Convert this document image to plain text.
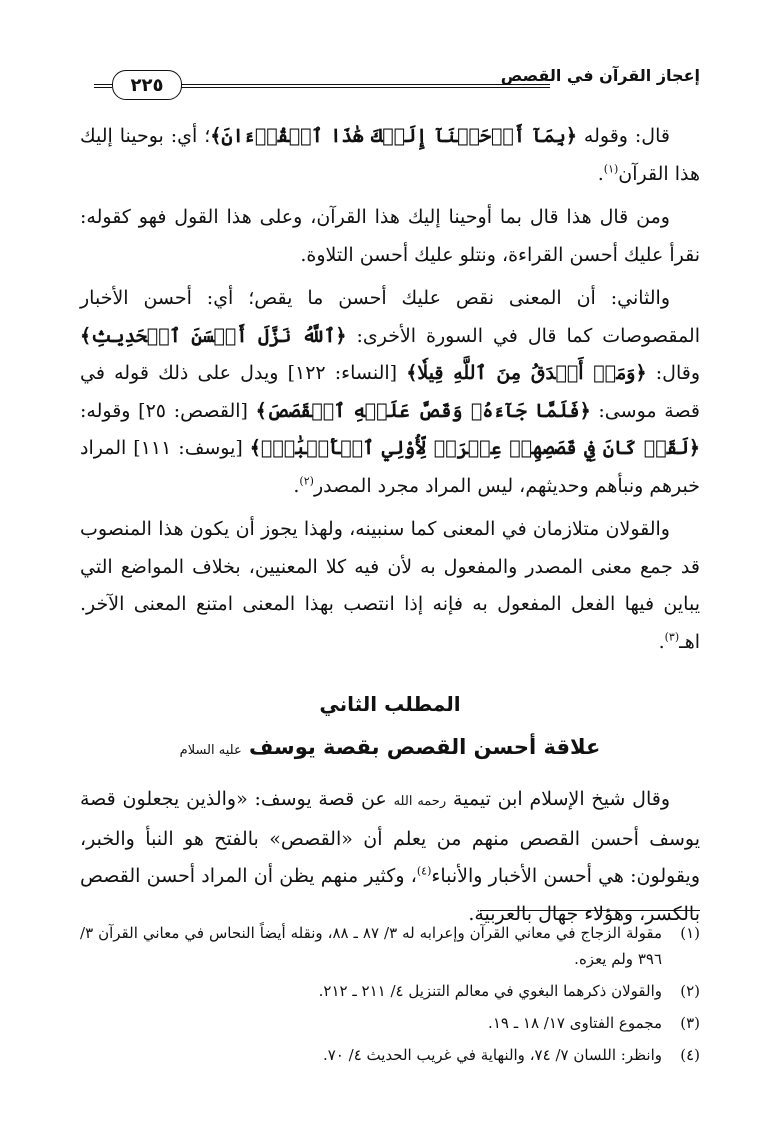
إعجاز القرآن في القصص
٢٢٥

قال: وقوله ﴿بِمَآ أَوۡحَيۡنَآ إِلَيۡكَ هَٰذَا ٱلۡقُرۡءَانَ﴾؛ أي: بوحينا إليك هذا القرآن$^{(١)}$.

ومن قال هذا قال بما أوحينا إليك هذا القرآن، وعلى هذا القول فهو كقوله: نقرأ عليك أحسن القراءة، ونتلو عليك أحسن التلاوة.

والثاني: أن المعنى نقص عليك أحسن ما يقص؛ أي: أحسن الأخبار المقصوصات كما قال في السورة الأخرى: ﴿ٱللَّهُ نَزَّلَ أَحۡسَنَ ٱلۡحَدِيثِ﴾ وقال: ﴿وَمَنۡ أَصۡدَقُ مِنَ ٱللَّهِ قِيلٗا﴾ [النساء: ١٢٢] ويدل على ذلك قوله في قصة موسى: ﴿فَلَمَّا جَآءَهُۥ وَقَصَّ عَلَيۡهِ ٱلۡقَصَصَ﴾ [القصص: ٢٥] وقوله: ﴿لَقَدۡ كَانَ فِي قَصَصِهِمۡ عِبۡرَةٞ لِّأُوْلِي ٱلۡأَلۡبَٰبِۗ﴾ [يوسف: ١١١] المراد خبرهم ونبأهم وحديثهم، ليس المراد مجرد المصدر$^{(٢)}$.

والقولان متلازمان في المعنى كما سنبينه، ولهذا يجوز أن يكون هذا المنصوب قد جمع معنى المصدر والمفعول به لأن فيه كلا المعنيين، بخلاف المواضع التي يباين فيها الفعل المفعول به فإنه إذا انتصب بهذا المعنى امتنع المعنى الآخر. اهـ$^{(٣)}$.

المطلب الثاني
علاقة أحسن القصص بقصة يوسف عليه السلام

وقال شيخ الإسلام ابن تيمية رحمه الله عن قصة يوسف: «والذين يجعلون قصة يوسف أحسن القصص منهم من يعلم أن «القصص» بالفتح هو النبأ والخبر، ويقولون: هي أحسن الأخبار والأنباء$^{(٤)}$، وكثير منهم يظن أن المراد أحسن القصص بالكسر، وهؤلاء جهال بالعربية.

(١)
مقولة الزجاج في معاني القرآن وإعرابه له ٣/ ٨٧ ـ ٨٨، ونقله أيضاً النحاس في معاني القرآن ٣/ ٣٩٦ ولم يعزه.
(٢)
والقولان ذكرهما البغوي في معالم التنزيل ٤/ ٢١١ ـ ٢١٢.
(٣)
مجموع الفتاوى ١٧/ ١٨ ـ ١٩.
(٤)
وانظر: اللسان ٧/ ٧٤، والنهاية في غريب الحديث ٤/ ٧٠.
